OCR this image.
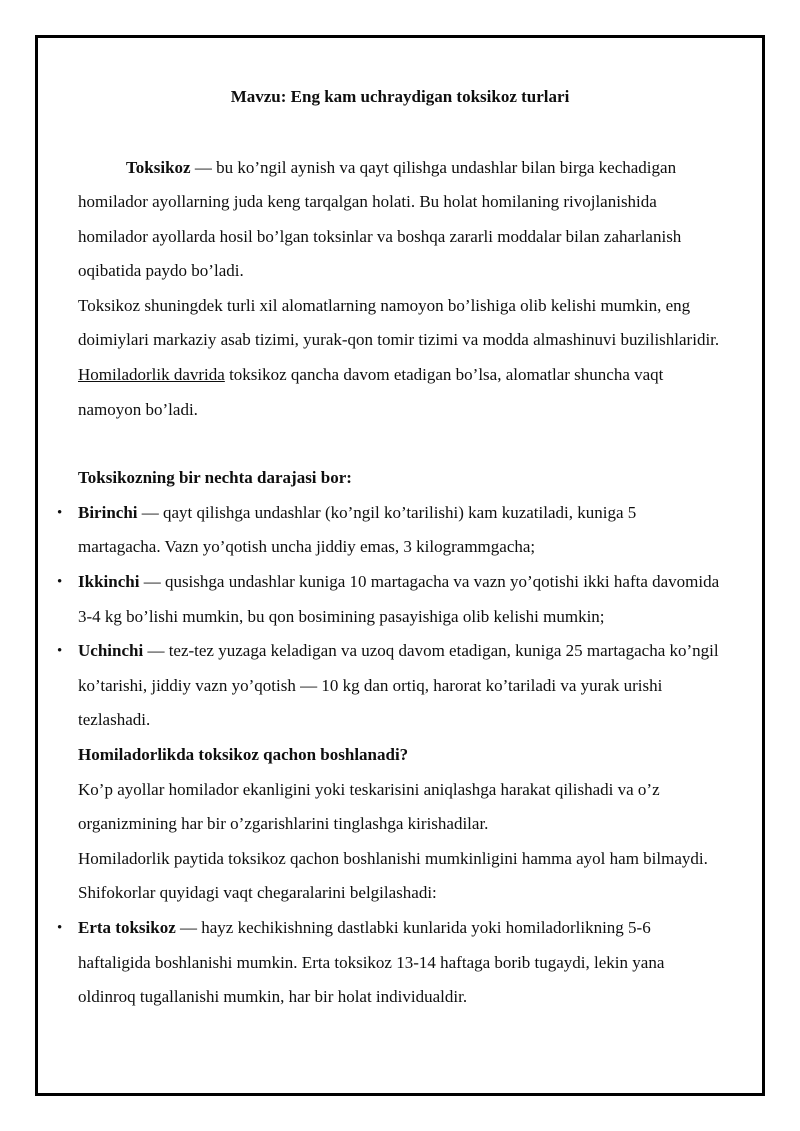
Mavzu: Eng kam uchraydigan toksikoz turlari
Toksikoz — bu ko’ngil aynish va qayt qilishga undashlar bilan birga kechadigan homilador ayollarning juda keng tarqalgan holati. Bu holat homilaning rivojlanishida homilador ayollarda hosil bo’lgan toksinlar va boshqa zararli moddalar bilan zaharlanish oqibatida paydo bo’ladi.
Toksikoz shuningdek turli xil alomatlarning namoyon bo’lishiga olib kelishi mumkin, eng doimiylari markaziy asab tizimi, yurak-qon tomir tizimi va modda almashinuvi buzilishlaridir. Homiladorlik davrida toksikoz qancha davom etadigan bo’lsa, alomatlar shuncha vaqt namoyon bo’ladi.
Toksikozning bir nechta darajasi bor:
• Birinchi — qayt qilishga undashlar (ko’ngil ko’tarilishi) kam kuzatiladi, kuniga 5 martagacha. Vazn yo’qotish uncha jiddiy emas, 3 kilogrammgacha;
• Ikkinchi — qusishga undashlar kuniga 10 martagacha va vazn yo’qotishi ikki hafta davomida 3-4 kg bo’lishi mumkin, bu qon bosimining pasayishiga olib kelishi mumkin;
• Uchinchi — tez-tez yuzaga keladigan va uzoq davom etadigan, kuniga 25 martagacha ko’ngil ko’tarishi, jiddiy vazn yo’qotish — 10 kg dan ortiq, harorat ko’tariladi va yurak urishi tezlashadi.
Homiladorlikda toksikoz qachon boshlanadi?
Ko’p ayollar homilador ekanligini yoki teskarisini aniqlashga harakat qilishadi va o’z organizmining har bir o’zgarishlarini tinglashga kirishadilar.
Homiladorlik paytida toksikoz qachon boshlanishi mumkinligini hamma ayol ham bilmaydi. Shifokorlar quyidagi vaqt chegaralarini belgilashadi:
• Erta toksikoz — hayz kechikishning dastlabki kunlarida yoki homiladorlikning 5-6 haftaligida boshlanishi mumkin. Erta toksikoz 13-14 haftaga borib tugaydi, lekin yana oldinroq tugallanishi mumkin, har bir holat individualdir.
